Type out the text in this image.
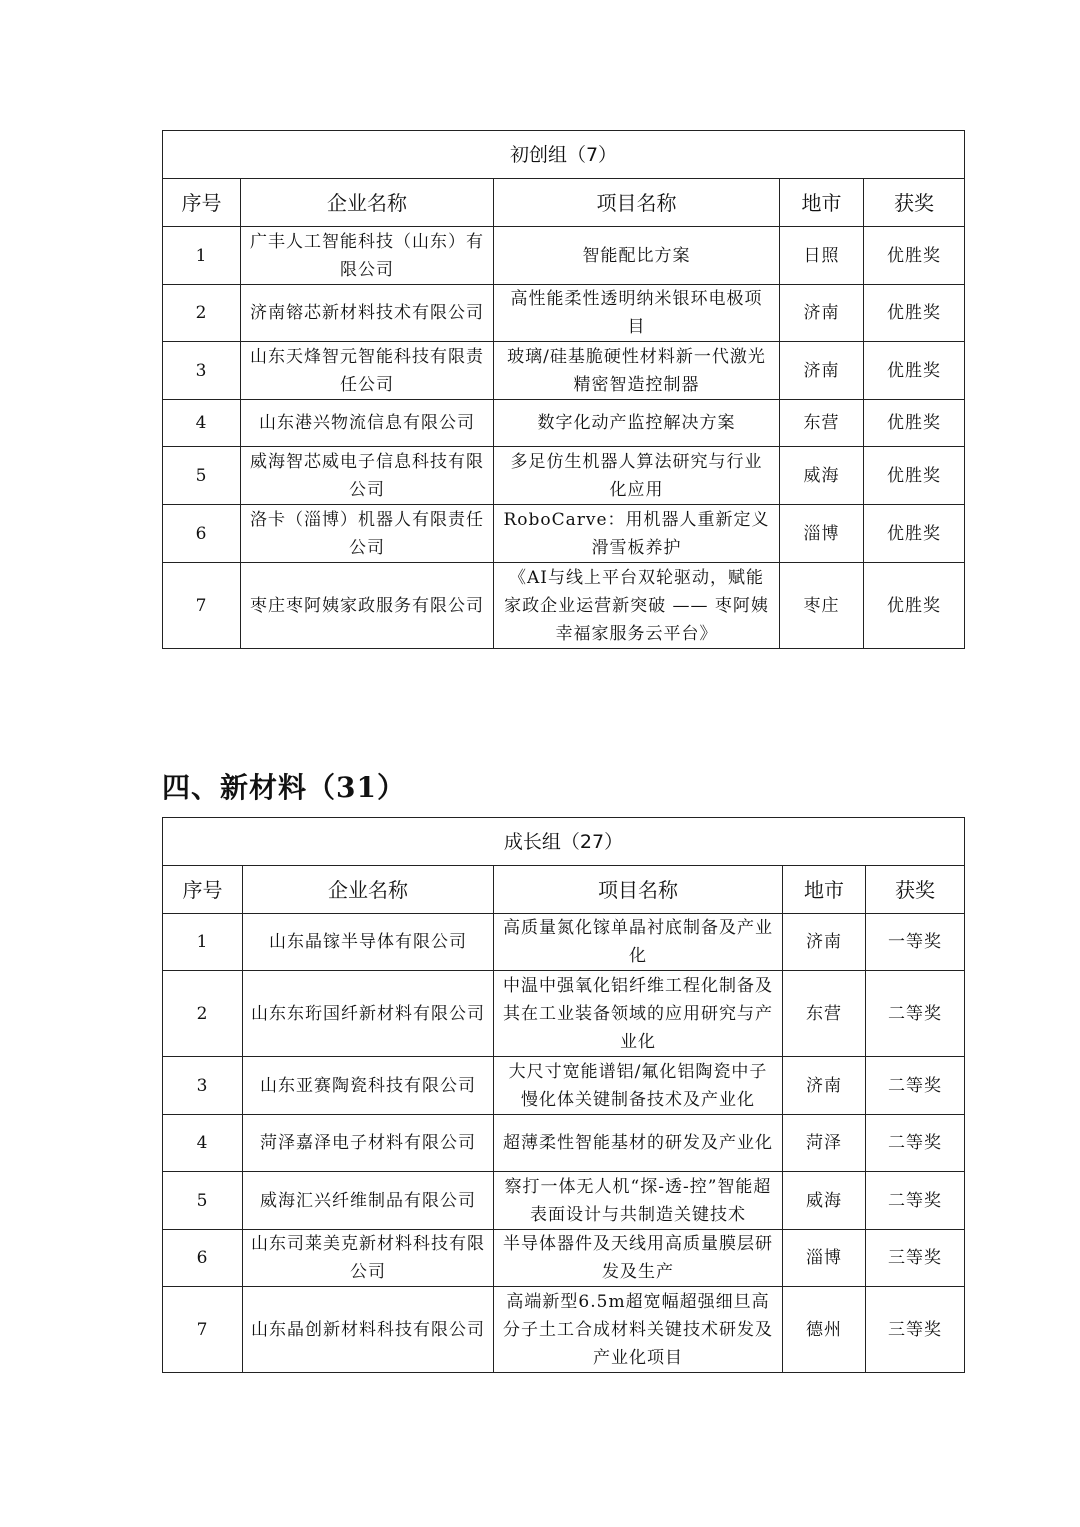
初创组（7）				
序号	企业名称	项目名称	地市	获奖
1	广丰人工智能科技（山东）有限公司	智能配比方案	日照	优胜奖
2	济南镕芯新材料技术有限公司	高性能柔性透明纳米银环电极项目	济南	优胜奖
3	山东天烽智元智能科技有限责任公司	玻璃/硅基脆硬性材料新一代激光精密智造控制器	济南	优胜奖
4	山东港兴物流信息有限公司	数字化动产监控解决方案	东营	优胜奖
5	威海智芯威电子信息科技有限公司	多足仿生机器人算法研究与行业化应用	威海	优胜奖
6	洛卡（淄博）机器人有限责任公司	RoboCarve：用机器人重新定义滑雪板养护	淄博	优胜奖
7	枣庄枣阿姨家政服务有限公司	《AI与线上平台双轮驱动，赋能家政企业运营新突破 —— 枣阿姨幸福家服务云平台》	枣庄	优胜奖
四、新材料（31）
成长组（27）				
序号	企业名称	项目名称	地市	获奖
1	山东晶镓半导体有限公司	高质量氮化镓单晶衬底制备及产业化	济南	一等奖
2	山东东珩国纤新材料有限公司	中温中强氧化铝纤维工程化制备及其在工业装备领域的应用研究与产业化	东营	二等奖
3	山东亚赛陶瓷科技有限公司	大尺寸宽能谱铝/氟化铝陶瓷中子慢化体关键制备技术及产业化	济南	二等奖
4	菏泽嘉泽电子材料有限公司	超薄柔性智能基材的研发及产业化	菏泽	二等奖
5	威海汇兴纤维制品有限公司	察打一体无人机“探-透-控”智能超表面设计与共制造关键技术	威海	二等奖
6	山东司莱美克新材料科技有限公司	半导体器件及天线用高质量膜层研发及生产	淄博	三等奖
7	山东晶创新材料科技有限公司	高端新型6.5m超宽幅超强细旦高分子土工合成材料关键技术研发及产业化项目	德州	三等奖
